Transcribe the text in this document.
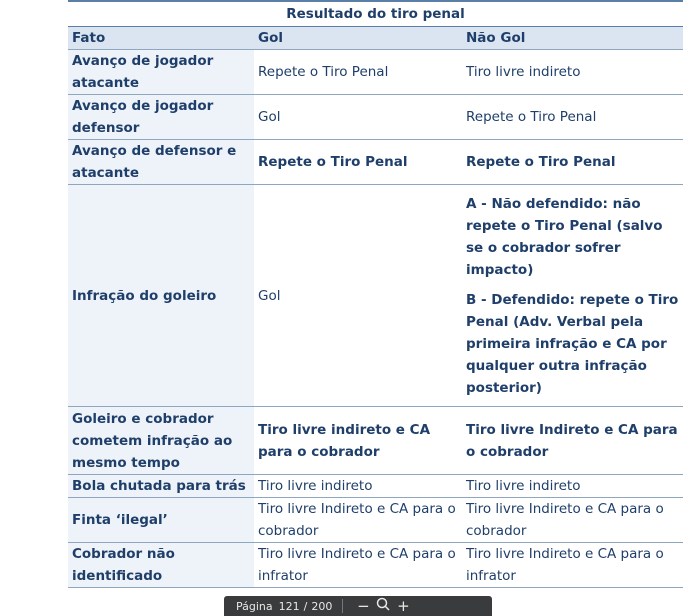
Resultado do tiro penal		
Fato	Gol	Não Gol
Avanço de jogador atacante	Repete o Tiro Penal	Tiro livre indireto
Avanço de jogador defensor	Gol	Repete o Tiro Penal
Avanço de defensor e atacante	Repete o Tiro Penal	Repete o Tiro Penal
Infração do goleiro	Gol	A - Não defendido: não repete o Tiro Penal (salvo se o cobrador sofrer impacto)

B - Defendido: repete o Tiro Penal (Adv. Verbal pela primeira infração e CA por qualquer outra infração posterior)

Goleiro e cobrador cometem infração ao mesmo tempo	Tiro livre indireto e CA para o cobrador	Tiro livre Indireto e CA para o cobrador
Bola chutada para trás	Tiro livre indireto	Tiro livre indireto
Finta ‘ilegal’	Tiro livre Indireto e CA para o cobrador	Tiro livre Indireto e CA para o cobrador
Cobrador não identificado	Tiro livre Indireto e CA para o infrator	Tiro livre Indireto e CA para o infrator
Página 121 / 200 − +
